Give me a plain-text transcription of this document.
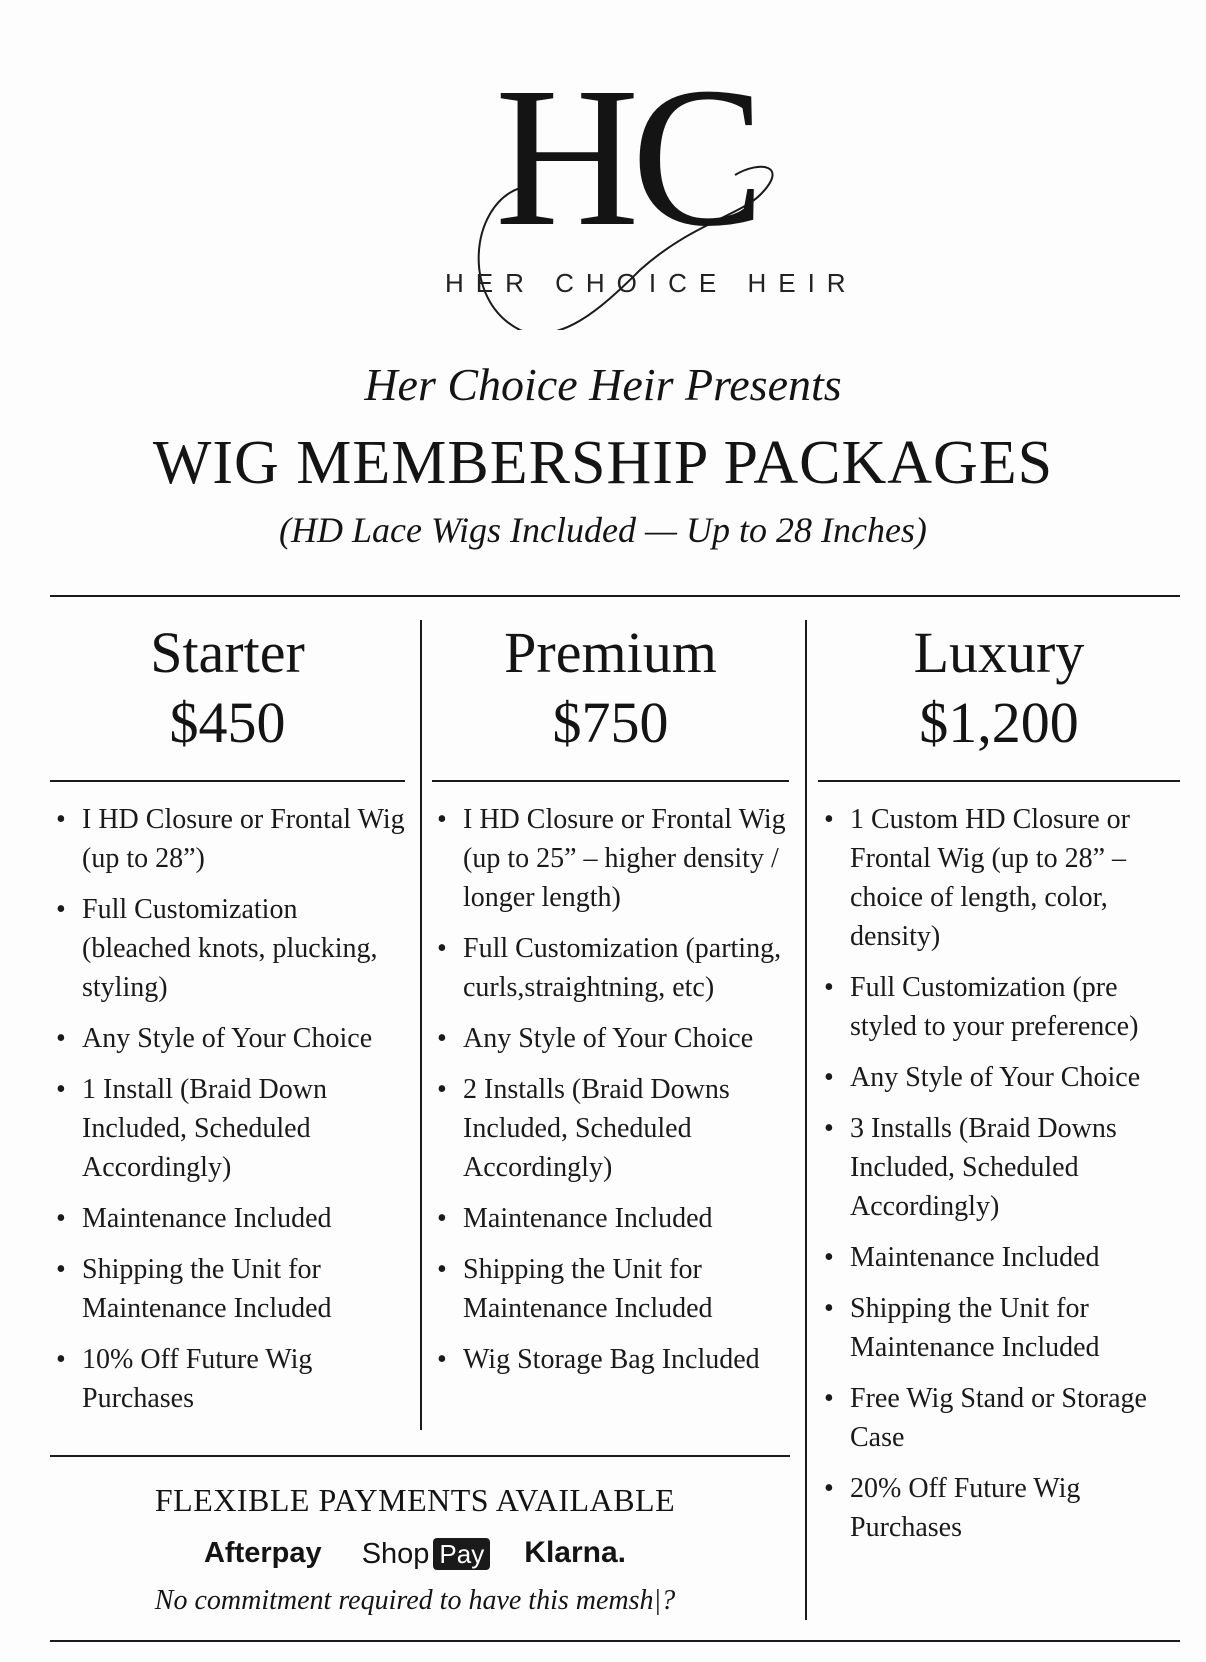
HC
HER CHOICE HEIR
Her Choice Heir Presents
WIG MEMBERSHIP PACKAGES
(HD Lace Wigs Included — Up to 28 Inches)
Starter
$450
• I HD Closure or Frontal Wig (up to 28”)
• Full Customization (bleached knots, plucking, styling)
• Any Style of Your Choice
• 1 Install (Braid Down Included, Scheduled Accordingly)
• Maintenance Included
• Shipping the Unit for Maintenance Included
• 10% Off Future Wig Purchases
Premium
$750
• I HD Closure or Frontal Wig (up to 25” – higher density / longer length)
• Full Customization (parting, curls,straightning, etc)
• Any Style of Your Choice
• 2 Installs (Braid Downs Included, Scheduled Accordingly)
• Maintenance Included
• Shipping the Unit for Maintenance Included
• Wig Storage Bag Included
Luxury
$1,200
• 1 Custom HD Closure or Frontal Wig (up to 28” – choice of length, color, density)
• Full Customization (pre styled to your preference)
• Any Style of Your Choice
• 3 Installs (Braid Downs Included, Scheduled Accordingly)
• Maintenance Included
• Shipping the Unit for Maintenance Included
• Free Wig Stand or Storage Case
• 20% Off Future Wig Purchases
FLEXIBLE PAYMENTS AVAILABLE
Afterpay Shop Pay Klarna.
No commitment required to have this memsh|?
